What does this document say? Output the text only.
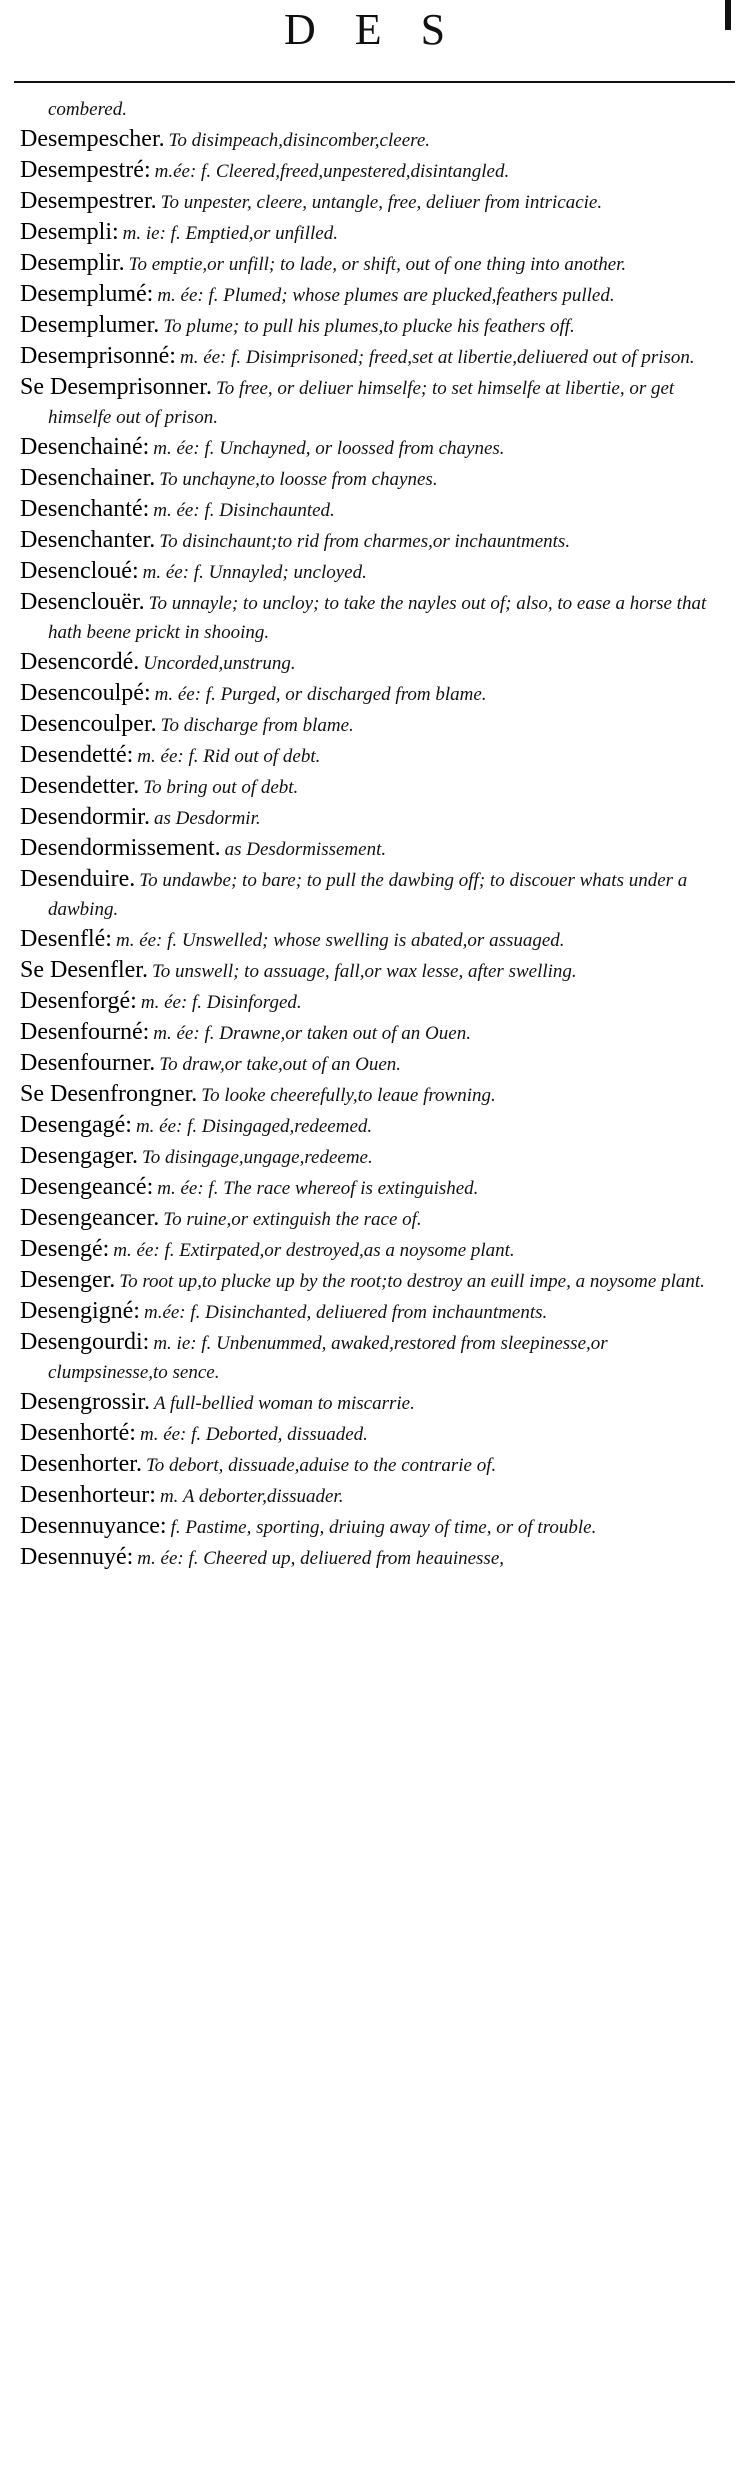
D E S

combered.

Desempescher. To disimpeach,disincomber,cleere.

Desempestré: m.ée: f. Cleered,freed,unpestered,disintangled.

Desempestrer. To unpester, cleere, untangle, free, deliuer from intricacie.

Desempli: m. ie: f. Emptied,or unfilled.

Desemplir. To emptie,or unfill; to lade, or shift, out of one thing into another.

Desemplumé: m. ée: f. Plumed; whose plumes are plucked,feathers pulled.

Desemplumer. To plume; to pull his plumes,to plucke his feathers off.

Desemprisonné: m. ée: f. Disimprisoned; freed,set at libertie,deliuered out of prison.

Se Desemprisonner. To free, or deliuer himselfe; to set himselfe at libertie, or get himselfe out of prison.

Desenchainé: m. ée: f. Unchayned, or loossed from chaynes.

Desenchainer. To unchayne,to loosse from chaynes.

Desenchanté: m. ée: f. Disinchaunted.

Desenchanter. To disinchaunt;to rid from charmes,or inchauntments.

Desencloué: m. ée: f. Unnayled; uncloyed.

Desenclouër. To unnayle; to uncloy; to take the nayles out of; also, to ease a horse that hath beene prickt in shooing.

Desencordé. Uncorded,unstrung.

Desencoulpé: m. ée: f. Purged, or discharged from blame.

Desencoulper. To discharge from blame.

Desendetté: m. ée: f. Rid out of debt.

Desendetter. To bring out of debt.

Desendormir. as Desdormir.

Desendormissement. as Desdormissement.

Desenduire. To undawbe; to bare; to pull the dawbing off; to discouer whats under a dawbing.

Desenflé: m. ée: f. Unswelled; whose swelling is abated,or assuaged.

Se Desenfler. To unswell; to assuage, fall,or wax lesse, after swelling.

Desenforgé: m. ée: f. Disinforged.

Desenfourné: m. ée: f. Drawne,or taken out of an Ouen.

Desenfourner. To draw,or take,out of an Ouen.

Se Desenfrongner. To looke cheerefully,to leaue frowning.

Desengagé: m. ée: f. Disingaged,redeemed.

Desengager. To disingage,ungage,redeeme.

Desengeancé: m. ée: f. The race whereof is extinguished.

Desengeancer. To ruine,or extinguish the race of.

Desengé: m. ée: f. Extirpated,or destroyed,as a noysome plant.

Desenger. To root up,to plucke up by the root;to destroy an euill impe, a noysome plant.

Desengigné: m.ée: f. Disinchanted, deliuered from inchauntments.

Desengourdi: m. ie: f. Unbenummed, awaked,restored from sleepinesse,or clumpsinesse,to sence.

Desengrossir. A full-bellied woman to miscarrie.

Desenhorté: m. ée: f. Deborted, dissuaded.

Desenhorter. To debort, dissuade,aduise to the contrarie of.

Desenhorteur: m. A deborter,dissuader.

Desennuyance: f. Pastime, sporting, driuing away of time, or of trouble.

Desennuyé: m. ée: f. Cheered up, deliuered from heauinesse,
